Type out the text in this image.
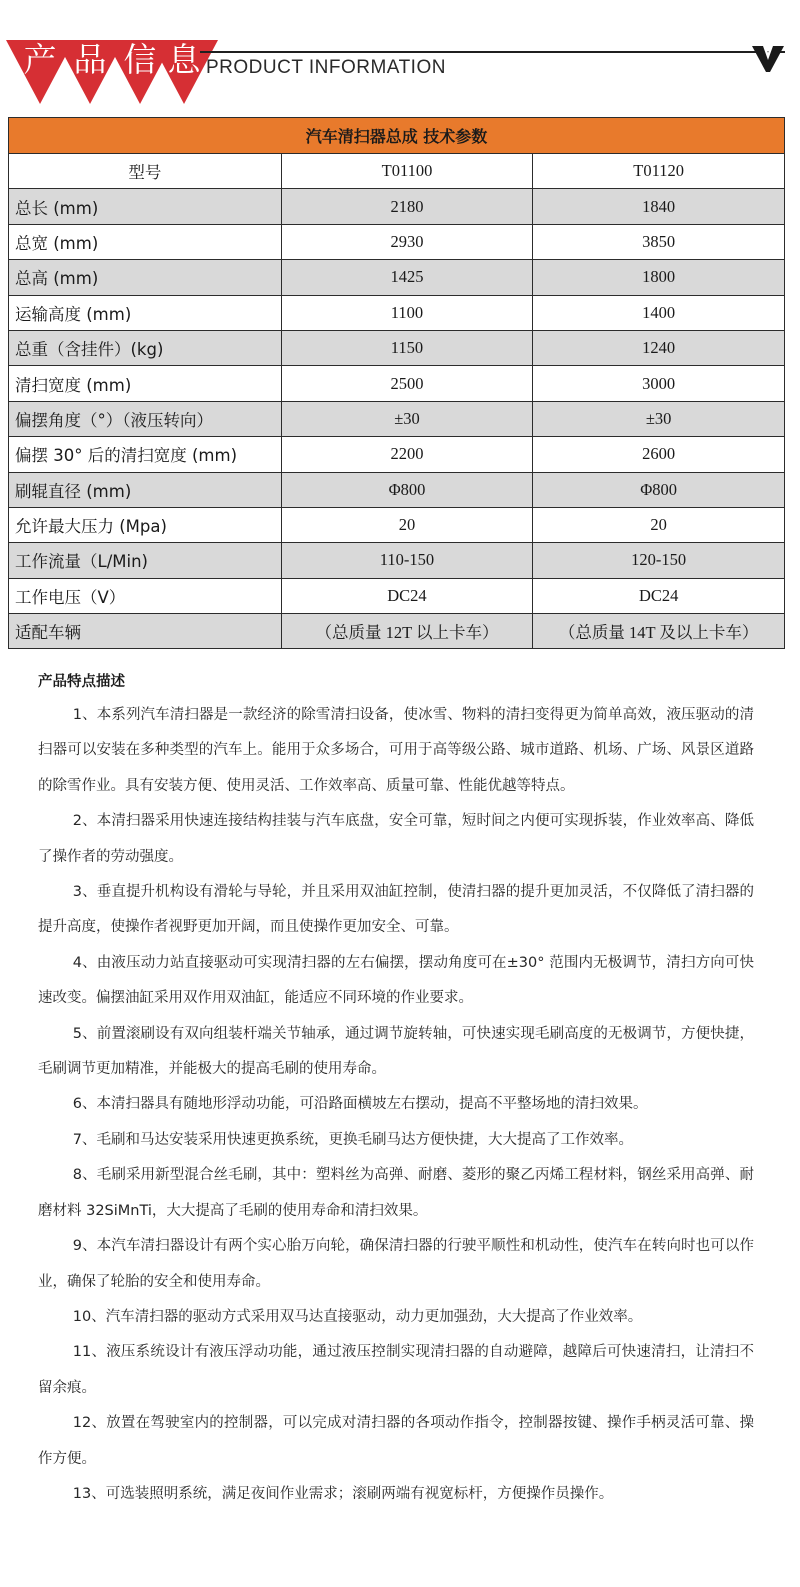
产 品 信 息 PRODUCT INFORMATION
汽车清扫器总成 技术参数		
型号	T01100	T01120
总长 (mm)	2180	1840
总宽 (mm)	2930	3850
总高 (mm)	1425	1800
运输高度 (mm)	1100	1400
总重（含挂件）(kg)	1150	1240
清扫宽度 (mm)	2500	3000
偏摆角度（°）（液压转向）	±30	±30
偏摆 30° 后的清扫宽度 (mm)	2200	2600
刷辊直径 (mm)	Φ800	Φ800
允许最大压力 (Mpa)	20	20
工作流量（L/Min)	110-150	120-150
工作电压（V）	DC24	DC24
适配车辆	（总质量 12T 以上卡车）	（总质量 14T 及以上卡车）
产品特点描述

1、本系列汽车清扫器是一款经济的除雪清扫设备，使冰雪、物料的清扫变得更为简单高效，液压驱动的清扫器可以安装在多种类型的汽车上。能用于众多场合，可用于高等级公路、城市道路、机场、广场、风景区道路的除雪作业。具有安装方便、使用灵活、工作效率高、质量可靠、性能优越等特点。

2、本清扫器采用快速连接结构挂装与汽车底盘，安全可靠，短时间之内便可实现拆装，作业效率高、降低了操作者的劳动强度。

3、垂直提升机构设有滑轮与导轮，并且采用双油缸控制，使清扫器的提升更加灵活，不仅降低了清扫器的提升高度，使操作者视野更加开阔，而且使操作更加安全、可靠。

4、由液压动力站直接驱动可实现清扫器的左右偏摆，摆动角度可在±30° 范围内无极调节，清扫方向可快速改变。偏摆油缸采用双作用双油缸，能适应不同环境的作业要求。

5、前置滚刷设有双向组装杆端关节轴承，通过调节旋转轴，可快速实现毛刷高度的无极调节，方便快捷，毛刷调节更加精准，并能极大的提高毛刷的使用寿命。

6、本清扫器具有随地形浮动功能，可沿路面横坡左右摆动，提高不平整场地的清扫效果。

7、毛刷和马达安装采用快速更换系统，更换毛刷马达方便快捷，大大提高了工作效率。

8、毛刷采用新型混合丝毛刷，其中：塑料丝为高弹、耐磨、菱形的聚乙丙烯工程材料，钢丝采用高弹、耐磨材料 32SiMnTi，大大提高了毛刷的使用寿命和清扫效果。

9、本汽车清扫器设计有两个实心胎万向轮，确保清扫器的行驶平顺性和机动性，使汽车在转向时也可以作业，确保了轮胎的安全和使用寿命。

10、汽车清扫器的驱动方式采用双马达直接驱动，动力更加强劲，大大提高了作业效率。

11、液压系统设计有液压浮动功能，通过液压控制实现清扫器的自动避障，越障后可快速清扫，让清扫不留余痕。

12、放置在驾驶室内的控制器，可以完成对清扫器的各项动作指令，控制器按键、操作手柄灵活可靠、操作方便。

13、可选装照明系统，满足夜间作业需求；滚刷两端有视宽标杆，方便操作员操作。
